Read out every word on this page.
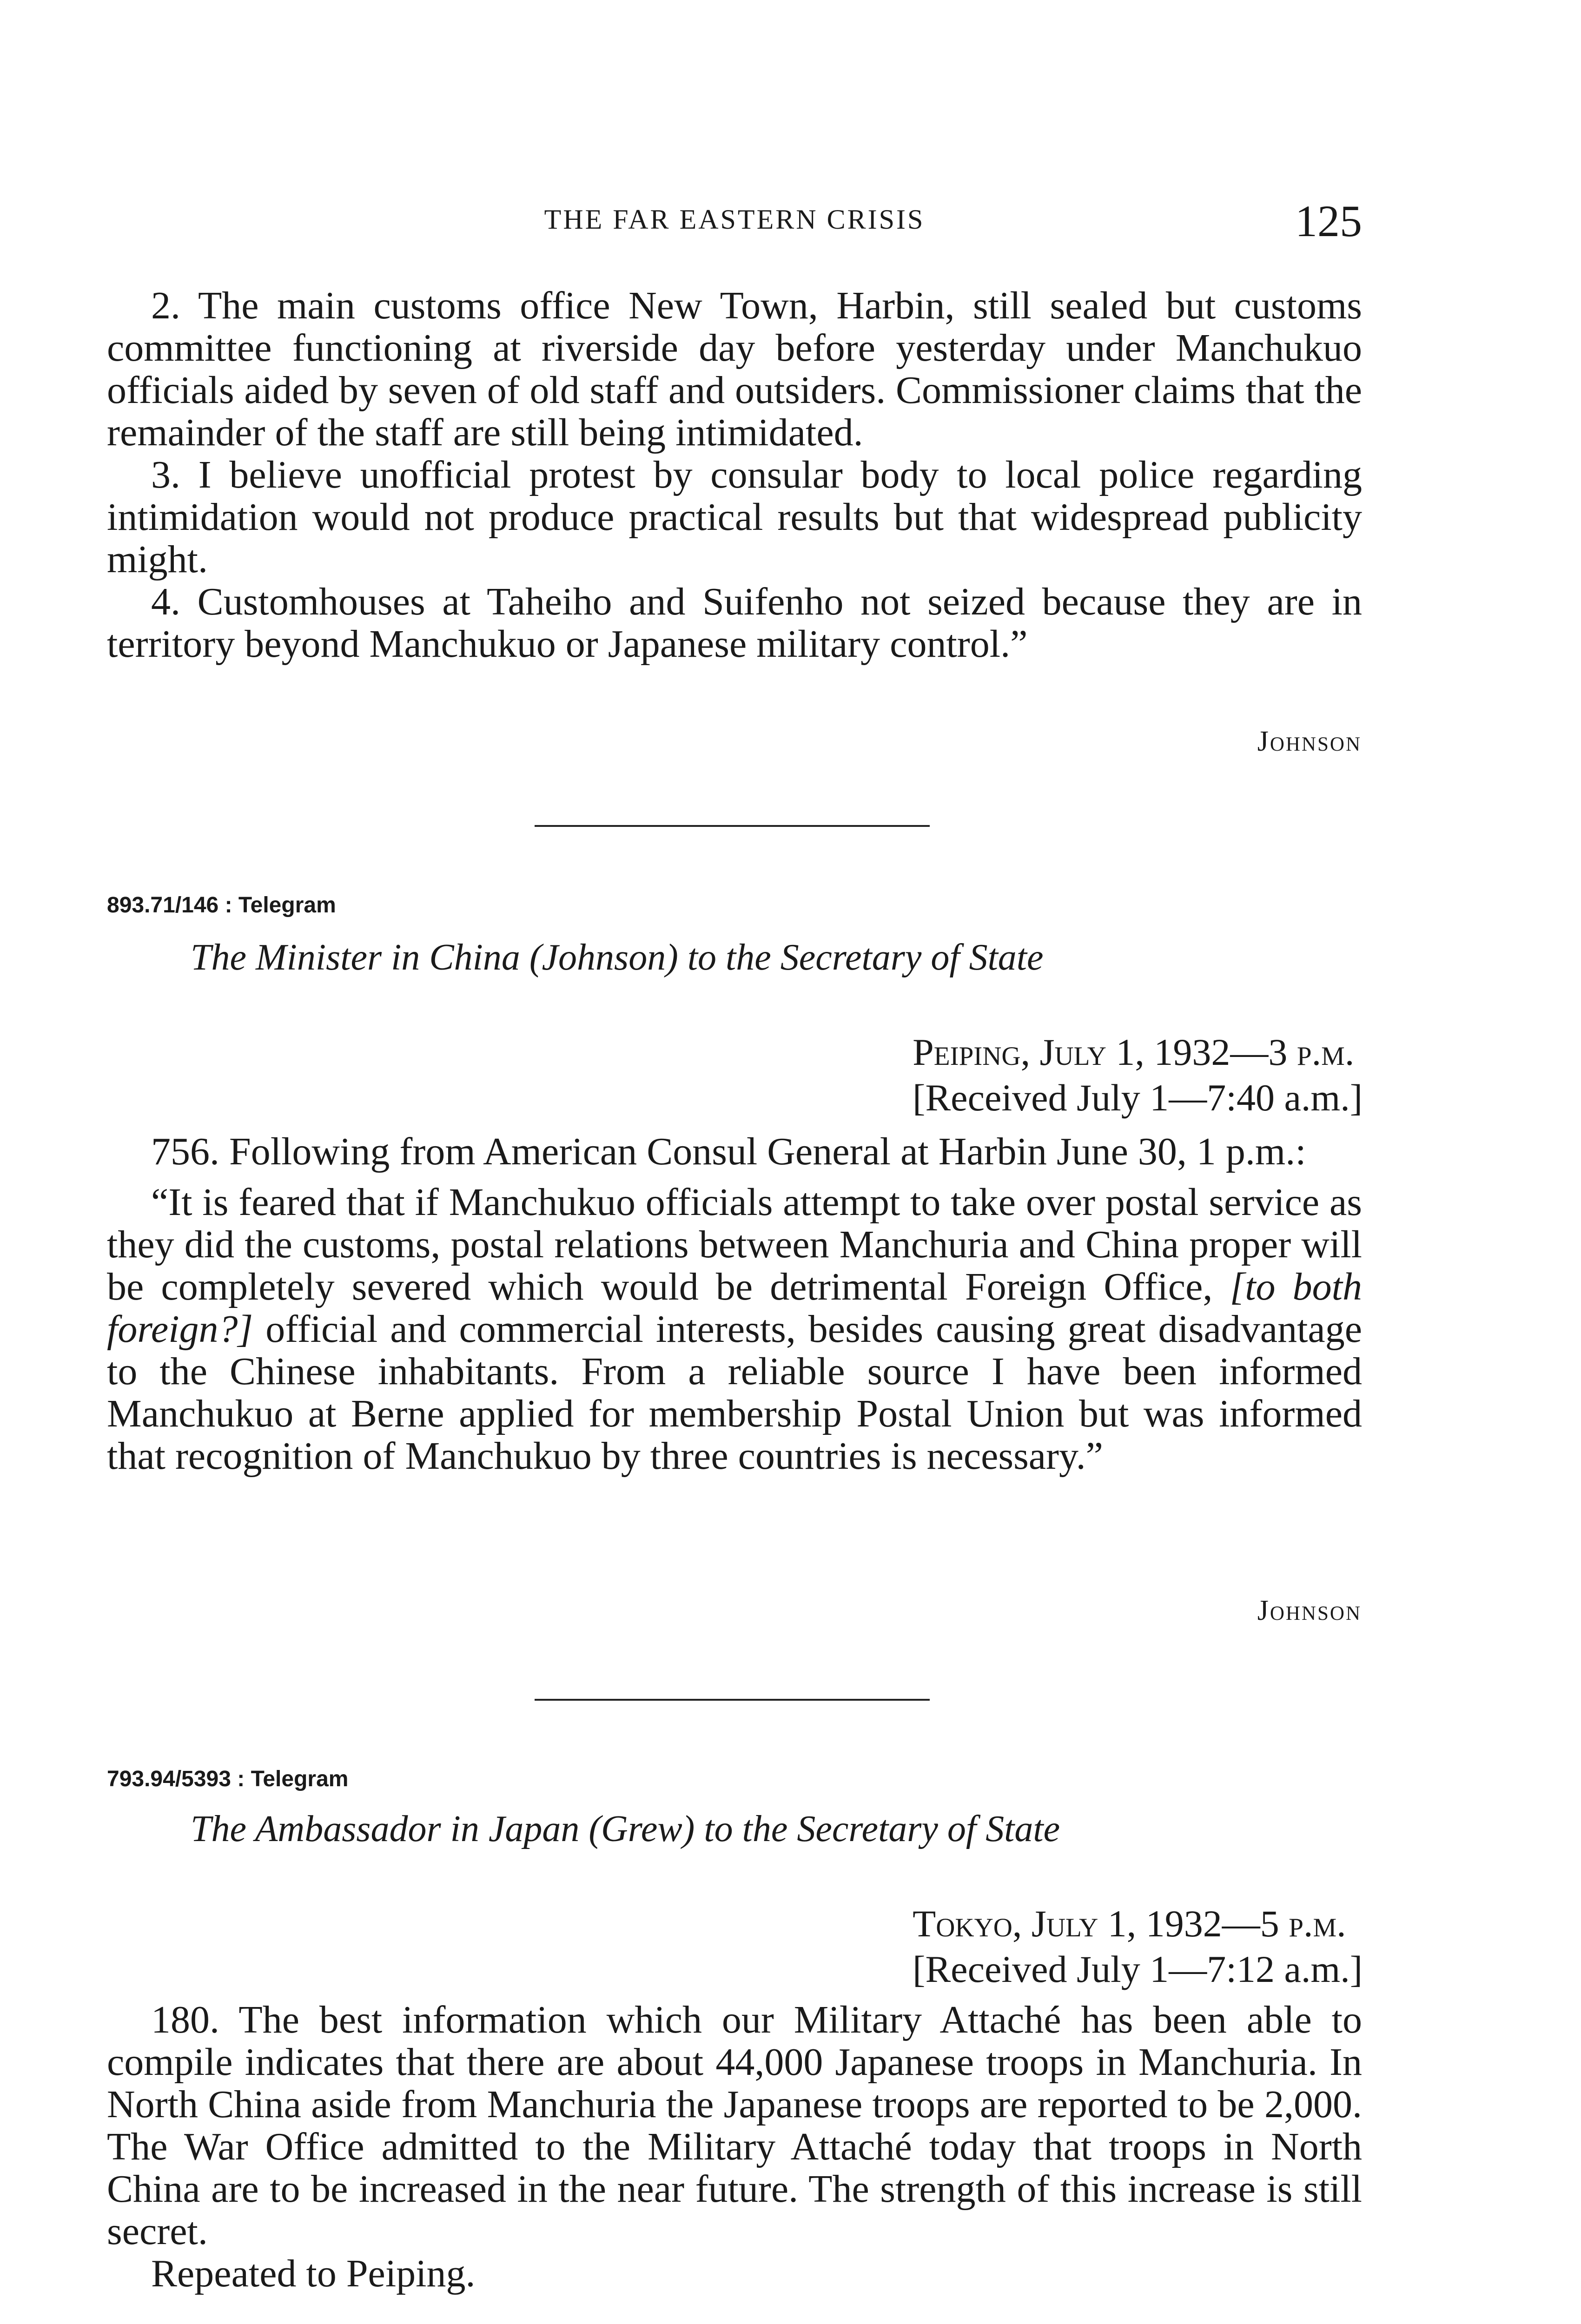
THE FAR EASTERN CRISIS	125

2. The main customs office New Town, Harbin, still sealed but customs committee functioning at riverside day before yesterday under Manchukuo officials aided by seven of old staff and outsiders. Commissioner claims that the remainder of the staff are still being intimidated.

3. I believe unofficial protest by consular body to local police regarding intimidation would not produce practical results but that widespread publicity might.

4. Customhouses at Taheiho and Suifenho not seized because they are in territory beyond Manchukuo or Japanese military control.”

Johnson
893.71/146 : Telegram
The Minister in China (Johnson) to the Secretary of State
Peiping, July 1, 1932—3 p.m.
[Received July 1—7:40 a.m.]

756. Following from American Consul General at Harbin June 30, 1 p.m.:

“It is feared that if Manchukuo officials attempt to take over postal service as they did the customs, postal relations between Manchuria and China proper will be completely severed which would be detrimental Foreign Office, [to both foreign?] official and commercial interests, besides causing great disadvantage to the Chinese inhabitants. From a reliable source I have been informed Manchukuo at Berne applied for membership Postal Union but was informed that recognition of Manchukuo by three countries is necessary.”

Johnson
793.94/5393 : Telegram
The Ambassador in Japan (Grew) to the Secretary of State
Tokyo, July 1, 1932—5 p.m.
[Received July 1—7:12 a.m.]

180. The best information which our Military Attaché has been able to compile indicates that there are about 44,000 Japanese troops in Manchuria. In North China aside from Manchuria the Japanese troops are reported to be 2,000. The War Office admitted to the Military Attaché today that troops in North China are to be increased in the near future. The strength of this increase is still secret.

Repeated to Peiping.
